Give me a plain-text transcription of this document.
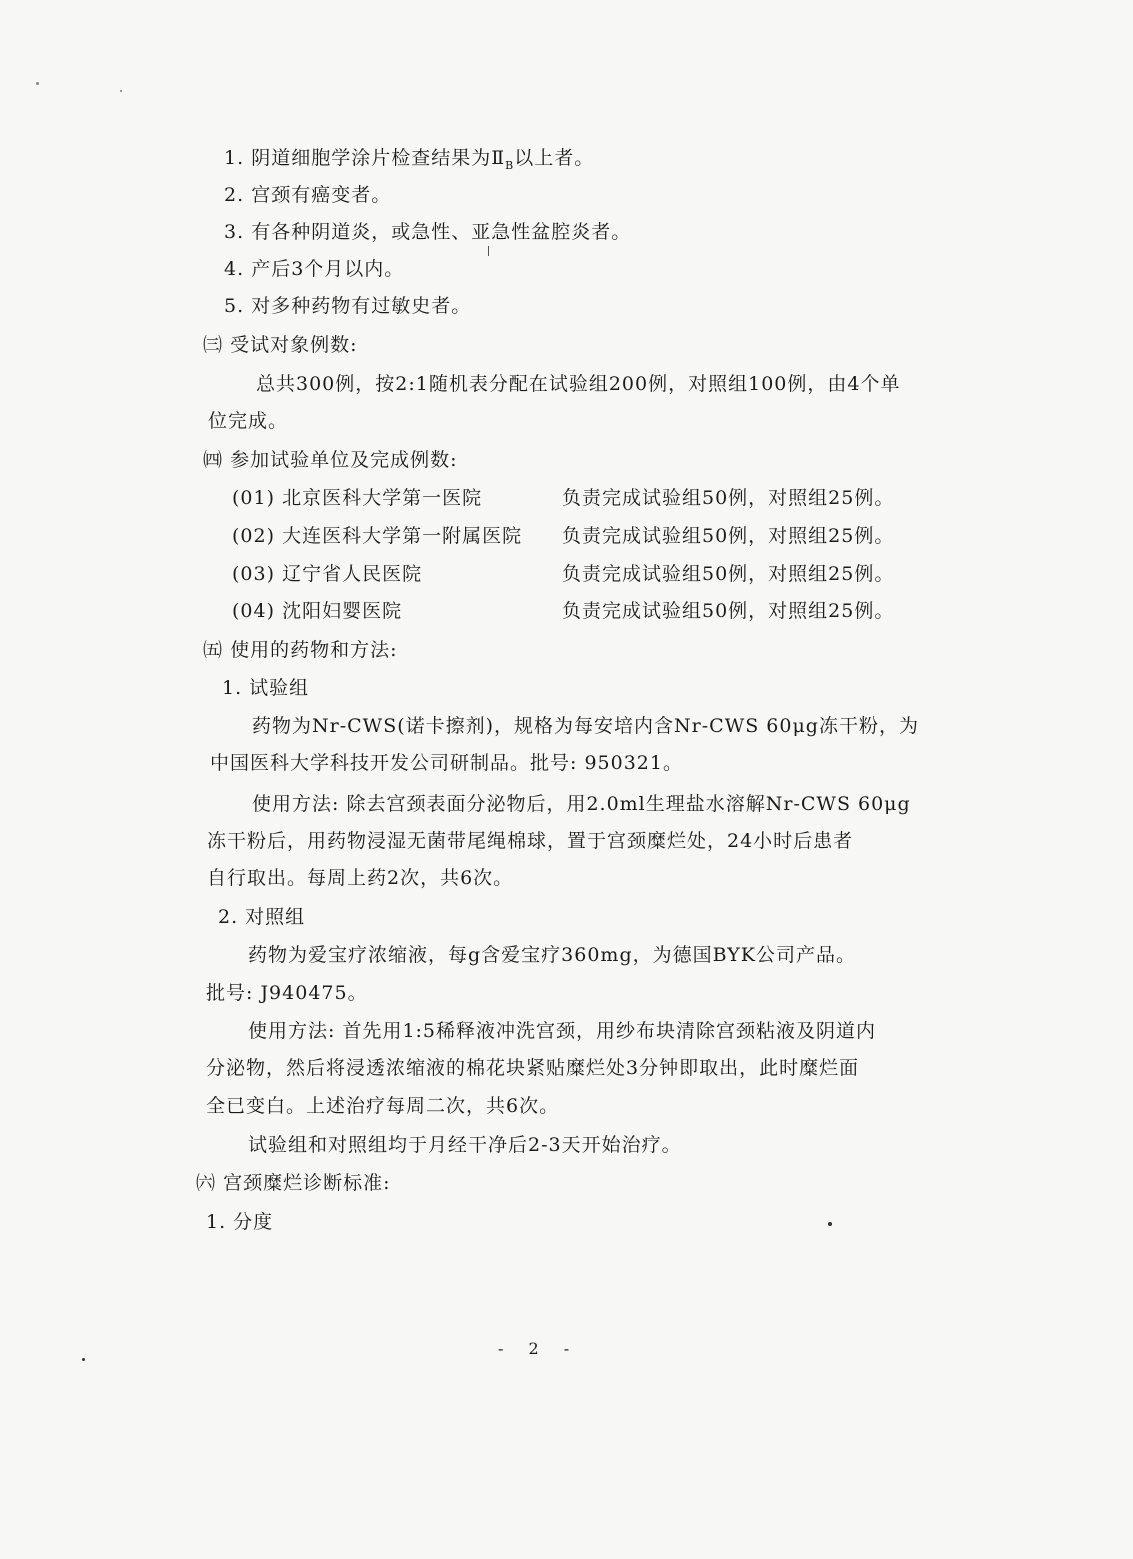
1. 阴道细胞学涂片检查结果为$Ⅱ_B$以上者。
2. 宫颈有癌变者。
3. 有各种阴道炎，或急性、亚急性盆腔炎者。
4. 产后3个月以内。
5. 对多种药物有过敏史者。
㈢ 受试对象例数:
总共300例，按2:1随机表分配在试验组200例，对照组100例，由4个单
位完成。
㈣ 参加试验单位及完成例数:
(01) 北京医科大学第一医院	负责完成试验组50例，对照组25例。
(02) 大连医科大学第一附属医院 负责完成试验组50例，对照组25例。
(03) 辽宁省人民医院	负责完成试验组50例，对照组25例。
(04) 沈阳妇婴医院	负责完成试验组50例，对照组25例。
㈤ 使用的药物和方法:
1. 试验组
药物为Nr-CWS(诺卡擦剂)，规格为每安培内含Nr-CWS 60μg冻干粉，为
中国医科大学科技开发公司研制品。批号: 950321。
使用方法: 除去宫颈表面分泌物后，用2.0ml生理盐水溶解Nr-CWS 60μg
冻干粉后，用药物浸湿无菌带尾绳棉球，置于宫颈糜烂处，24小时后患者
自行取出。每周上药2次，共6次。
2. 对照组
药物为爱宝疗浓缩液，每g含爱宝疗360mg，为德国BYK公司产品。
批号: J940475。
使用方法: 首先用1:5稀释液冲洗宫颈，用纱布块清除宫颈粘液及阴道内
分泌物，然后将浸透浓缩液的棉花块紧贴糜烂处3分钟即取出，此时糜烂面
全已变白。上述治疗每周二次，共6次。
试验组和对照组均于月经干净后2-3天开始治疗。
㈥ 宫颈糜烂诊断标准:
1. 分度
- 2 -
